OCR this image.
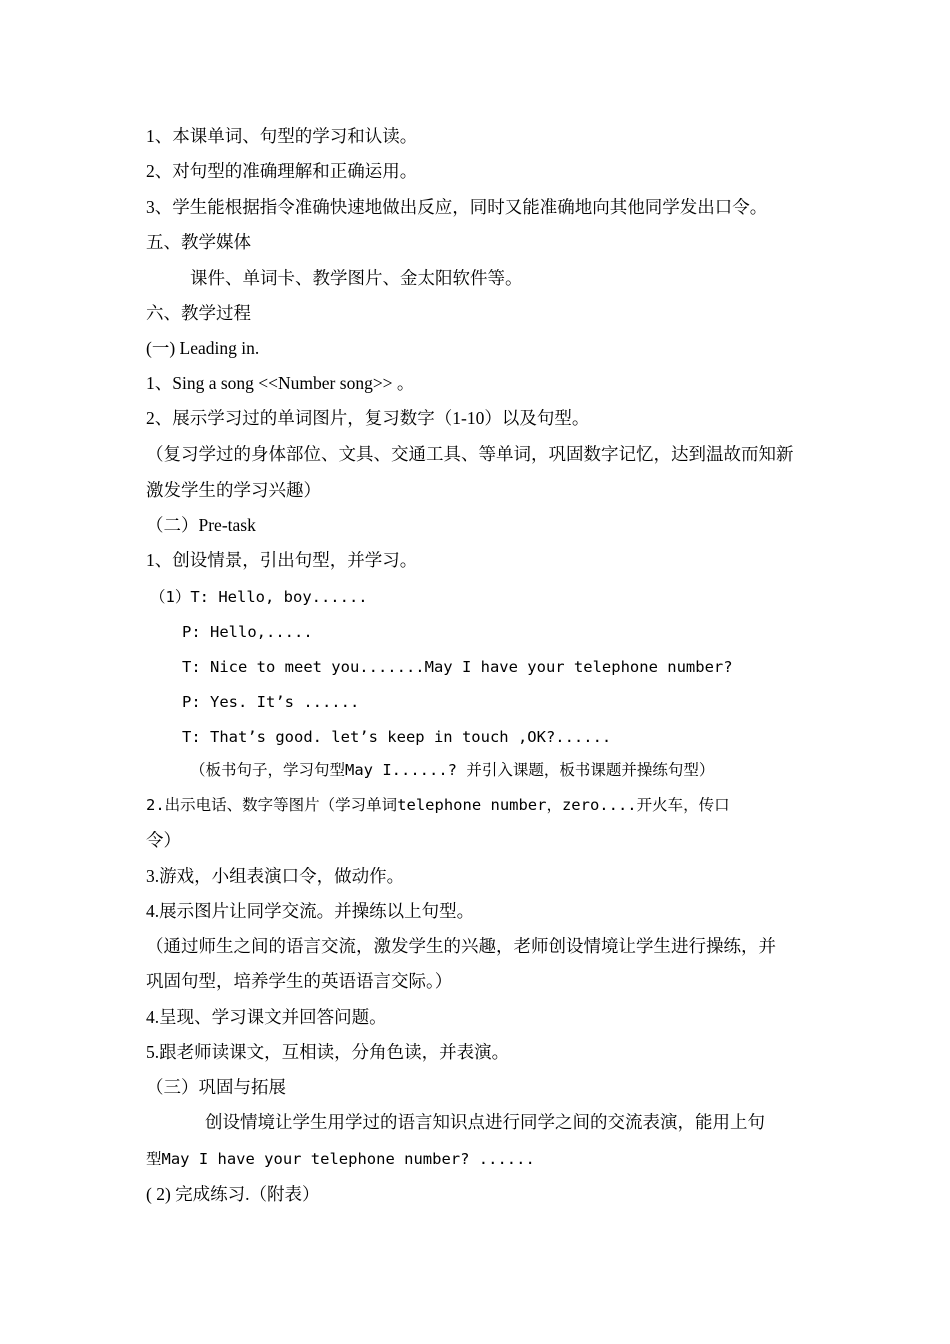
1、本课单词、句型的学习和认读。
2、对句型的准确理解和正确运用。
3、学生能根据指令准确快速地做出反应，同时又能准确地向其他同学发出口令。
五、教学媒体
课件、单词卡、教学图片、金太阳软件等。
六、教学过程
(一) Leading in.
1、Sing a song <<Number song>> 。
2、展示学习过的单词图片，复习数字（1-10）以及句型。
（复习学过的身体部位、文具、交通工具、等单词，巩固数字记忆，达到温故而知新
激发学生的学习兴趣）
（二）Pre-task
1、创设情景，引出句型，并学习。
（1）T: Hello, boy......
P: Hello,.....
T: Nice to meet you.......May I have your telephone number?
P: Yes. It’s ......
T: That’s good. let’s keep in touch ,OK?......
（板书句子，学习句型May I......? 并引入课题，板书课题并操练句型）
2.出示电话、数字等图片（学习单词telephone number，zero....开火车，传口
令）
3.游戏，小组表演口令，做动作。
4.展示图片让同学交流。并操练以上句型。
（通过师生之间的语言交流，激发学生的兴趣，老师创设情境让学生进行操练，并
巩固句型，培养学生的英语语言交际。）
4.呈现、学习课文并回答问题。
5.跟老师读课文，互相读，分角色读，并表演。
（三）巩固与拓展
创设情境让学生用学过的语言知识点进行同学之间的交流表演，能用上句
型May I have your telephone number? ......
( 2) 完成练习.（附表）
